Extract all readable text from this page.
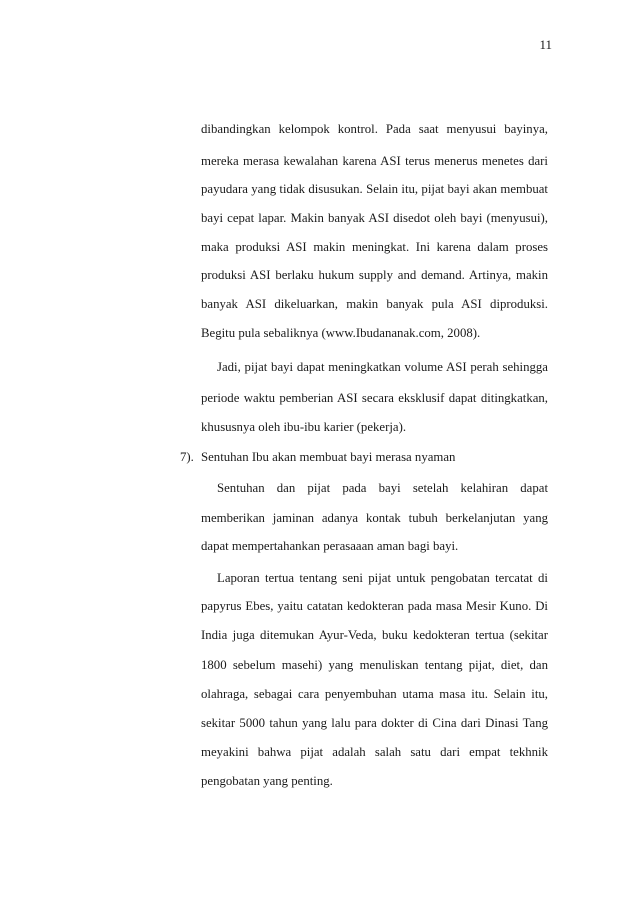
11
dibandingkan kelompok kontrol. Pada saat menyusui bayinya,
mereka merasa kewalahan karena ASI terus menerus menetes dari
payudara yang tidak disusukan. Selain itu, pijat bayi akan membuat
bayi cepat lapar. Makin banyak ASI disedot oleh bayi (menyusui),
maka produksi ASI makin meningkat. Ini karena dalam proses
produksi ASI berlaku hukum supply and demand. Artinya, makin
banyak ASI dikeluarkan, makin banyak pula ASI diproduksi.
Begitu pula sebaliknya (www.Ibudananak.com, 2008).
Jadi, pijat bayi dapat meningkatkan volume ASI perah sehingga
periode waktu pemberian ASI secara eksklusif dapat ditingkatkan,
khususnya oleh ibu-ibu karier (pekerja).
7). Sentuhan Ibu akan membuat bayi merasa nyaman
Sentuhan dan pijat pada bayi setelah kelahiran dapat
memberikan jaminan adanya kontak tubuh berkelanjutan yang
dapat mempertahankan perasaaan aman bagi bayi.
Laporan tertua tentang seni pijat untuk pengobatan tercatat di
papyrus Ebes, yaitu catatan kedokteran pada masa Mesir Kuno. Di
India juga ditemukan Ayur-Veda, buku kedokteran tertua (sekitar
1800 sebelum masehi) yang menuliskan tentang pijat, diet, dan
olahraga, sebagai cara penyembuhan utama masa itu. Selain itu,
sekitar 5000 tahun yang lalu para dokter di Cina dari Dinasi Tang
meyakini bahwa pijat adalah salah satu dari empat tekhnik
pengobatan yang penting.
